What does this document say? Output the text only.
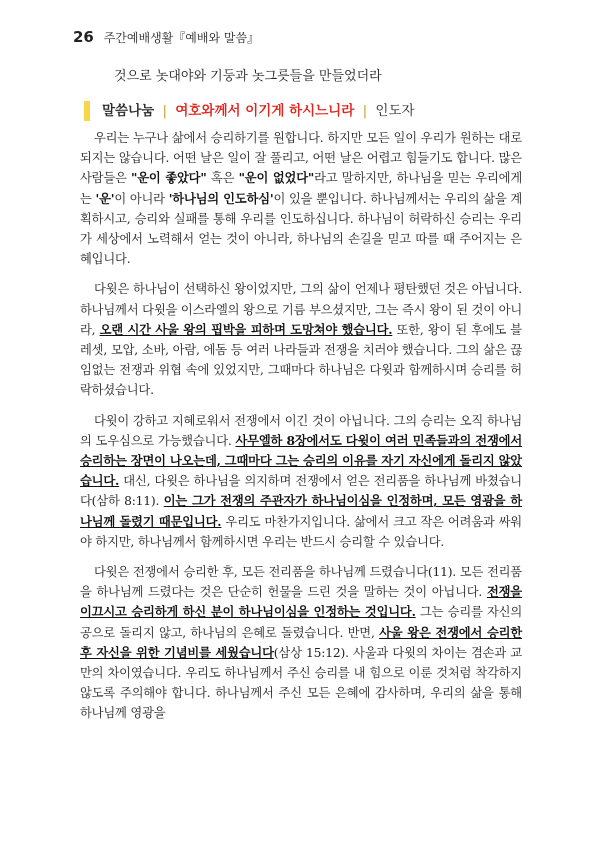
26 주간예배생활『예배와 말씀』
것으로 놋대야와 기둥과 놋그릇들을 만들었더라
말씀나눔 | 여호와께서 이기게 하시느니라 | 인도자

우리는 누구나 삶에서 승리하기를 원합니다. 하지만 모든 일이 우리가 원하는 대로 되지는 않습니다. 어떤 날은 일이 잘 풀리고, 어떤 날은 어렵고 힘들기도 합니다. 많은 사람들은 "운이 좋았다" 혹은 "운이 없었다"라고 말하지만, 하나님을 믿는 우리에게는 '운'이 아니라 '하나님의 인도하심'이 있을 뿐입니다. 하나님께서는 우리의 삶을 계획하시고, 승리와 실패를 통해 우리를 인도하십니다. 하나님이 허락하신 승리는 우리가 세상에서 노력해서 얻는 것이 아니라, 하나님의 손길을 믿고 따를 때 주어지는 은혜입니다.

다윗은 하나님이 선택하신 왕이었지만, 그의 삶이 언제나 평탄했던 것은 아닙니다. 하나님께서 다윗을 이스라엘의 왕으로 기름 부으셨지만, 그는 즉시 왕이 된 것이 아니라, 오랜 시간 사울 왕의 핍박을 피하며 도망쳐야 했습니다. 또한, 왕이 된 후에도 블레셋, 모압, 소바, 아람, 에돔 등 여러 나라들과 전쟁을 치러야 했습니다. 그의 삶은 끊임없는 전쟁과 위협 속에 있었지만, 그때마다 하나님은 다윗과 함께하시며 승리를 허락하셨습니다.

다윗이 강하고 지혜로워서 전쟁에서 이긴 것이 아닙니다. 그의 승리는 오직 하나님의 도우심으로 가능했습니다. 사무엘하 8장에서도 다윗이 여러 민족들과의 전쟁에서 승리하는 장면이 나오는데, 그때마다 그는 승리의 이유를 자기 자신에게 돌리지 않았습니다. 대신, 다윗은 하나님을 의지하며 전쟁에서 얻은 전리품을 하나님께 바쳤습니다(삼하 8:11). 이는 그가 전쟁의 주관자가 하나님이심을 인정하며, 모든 영광을 하나님께 돌렸기 때문입니다. 우리도 마찬가지입니다. 삶에서 크고 작은 어려움과 싸워야 하지만, 하나님께서 함께하시면 우리는 반드시 승리할 수 있습니다.

다윗은 전쟁에서 승리한 후, 모든 전리품을 하나님께 드렸습니다(11). 모든 전리품을 하나님께 드렸다는 것은 단순히 헌물을 드린 것을 말하는 것이 아닙니다. 전쟁을 이끄시고 승리하게 하신 분이 하나님이심을 인정하는 것입니다. 그는 승리를 자신의 공으로 돌리지 않고, 하나님의 은혜로 돌렸습니다. 반면, 사울 왕은 전쟁에서 승리한 후 자신을 위한 기념비를 세웠습니다(삼상 15:12). 사울과 다윗의 차이는 겸손과 교만의 차이였습니다. 우리도 하나님께서 주신 승리를 내 힘으로 이룬 것처럼 착각하지 않도록 주의해야 합니다. 하나님께서 주신 모든 은혜에 감사하며, 우리의 삶을 통해 하나님께 영광을
